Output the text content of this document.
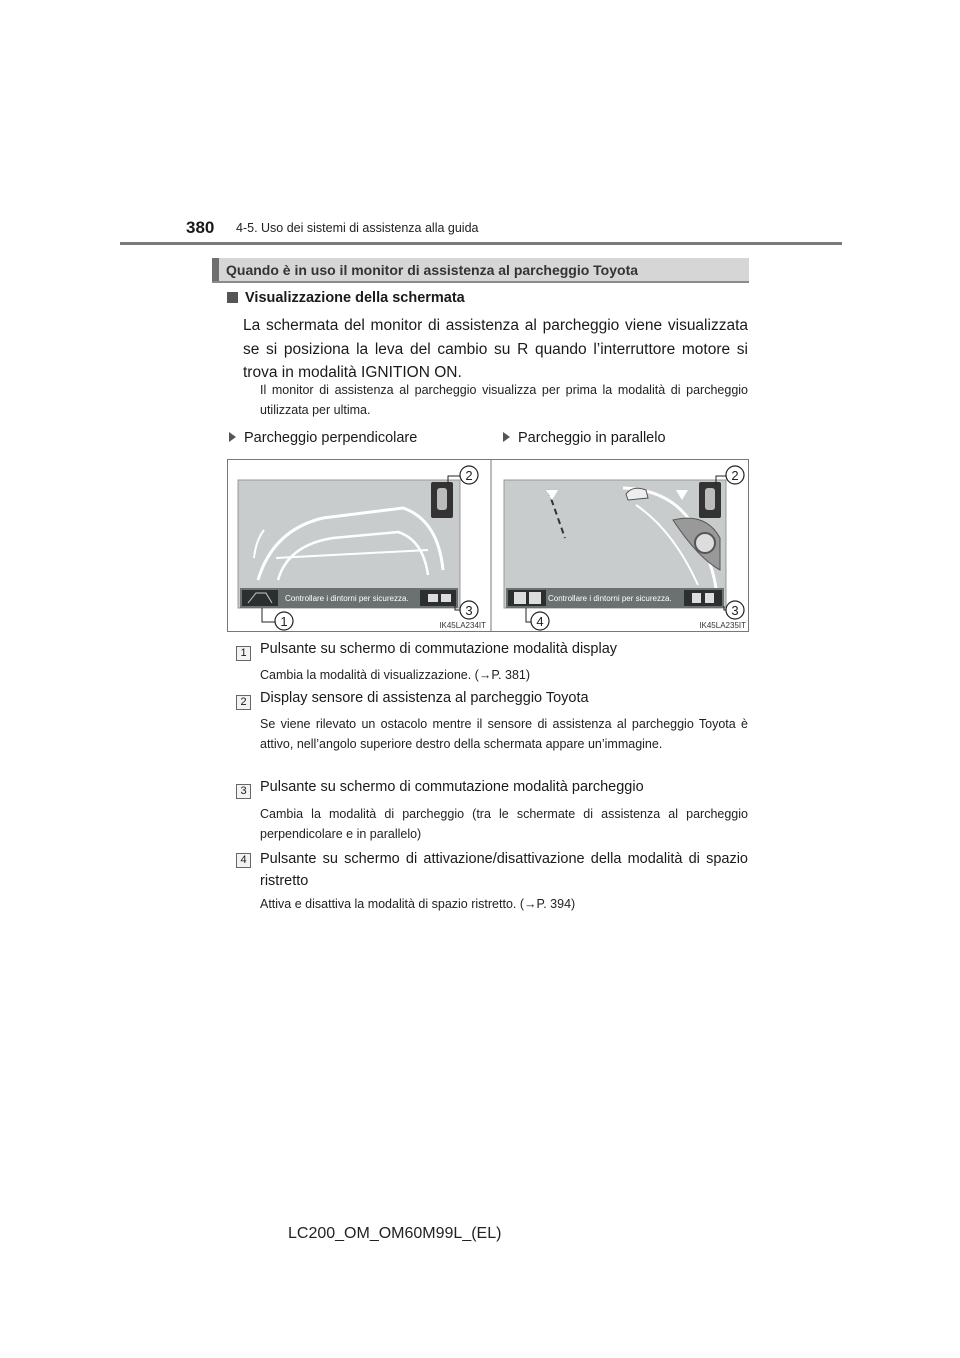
380 4-5. Uso dei sistemi di assistenza alla guida
Quando è in uso il monitor di assistenza al parcheggio Toyota
Visualizzazione della schermata
La schermata del monitor di assistenza al parcheggio viene visualizzata se si posiziona la leva del cambio su R quando l’interruttore motore si trova in modalità IGNITION ON.
Il monitor di assistenza al parcheggio visualizza per prima la modalità di parcheggio utilizzata per ultima.
Parcheggio perpendicolare	Parcheggio in parallelo
Controllare i dintorni per sicurezza.	Controllare i dintorni per sicurezza.
2
3
1
2
3
4
IK45LA234IT	IK45LA235IT
1 Pulsante su schermo di commutazione modalità display
Cambia la modalità di visualizzazione. (→P. 381)
2 Display sensore di assistenza al parcheggio Toyota
Se viene rilevato un ostacolo mentre il sensore di assistenza al parcheggio Toyota è attivo, nell’angolo superiore destro della schermata appare un’immagine.
3 Pulsante su schermo di commutazione modalità parcheggio
Cambia la modalità di parcheggio (tra le schermate di assistenza al parcheggio perpendicolare e in parallelo)
4 Pulsante su schermo di attivazione/disattivazione della modalità di spazio ristretto
Attiva e disattiva la modalità di spazio ristretto. (→P. 394)
LC200_OM_OM60M99L_(EL)
